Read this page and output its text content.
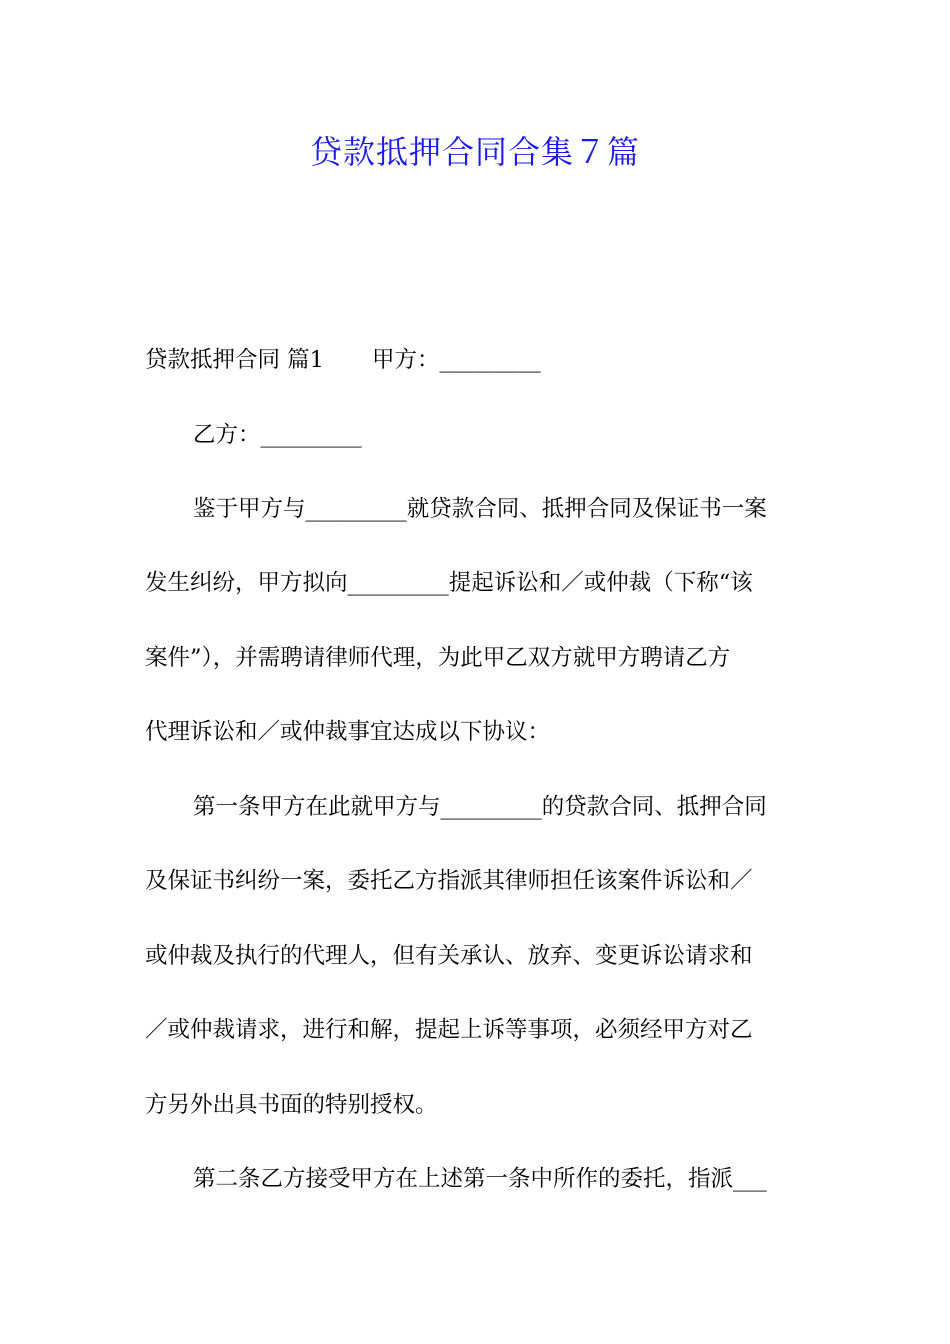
贷款抵押合同合集７篇
贷款抵押合同 篇1 甲方：_________
乙方：_________
鉴于甲方与_________就贷款合同、抵押合同及保证书一案
发生纠纷，甲方拟向_________提起诉讼和／或仲裁（下称“该
案件”），并需聘请律师代理，为此甲乙双方就甲方聘请乙方
代理诉讼和／或仲裁事宜达成以下协议：
第一条甲方在此就甲方与_________的贷款合同、抵押合同
及保证书纠纷一案，委托乙方指派其律师担任该案件诉讼和／
或仲裁及执行的代理人，但有关承认、放弃、变更诉讼请求和
／或仲裁请求，进行和解，提起上诉等事项，必须经甲方对乙
方另外出具书面的特别授权。
第二条乙方接受甲方在上述第一条中所作的委托，指派___
